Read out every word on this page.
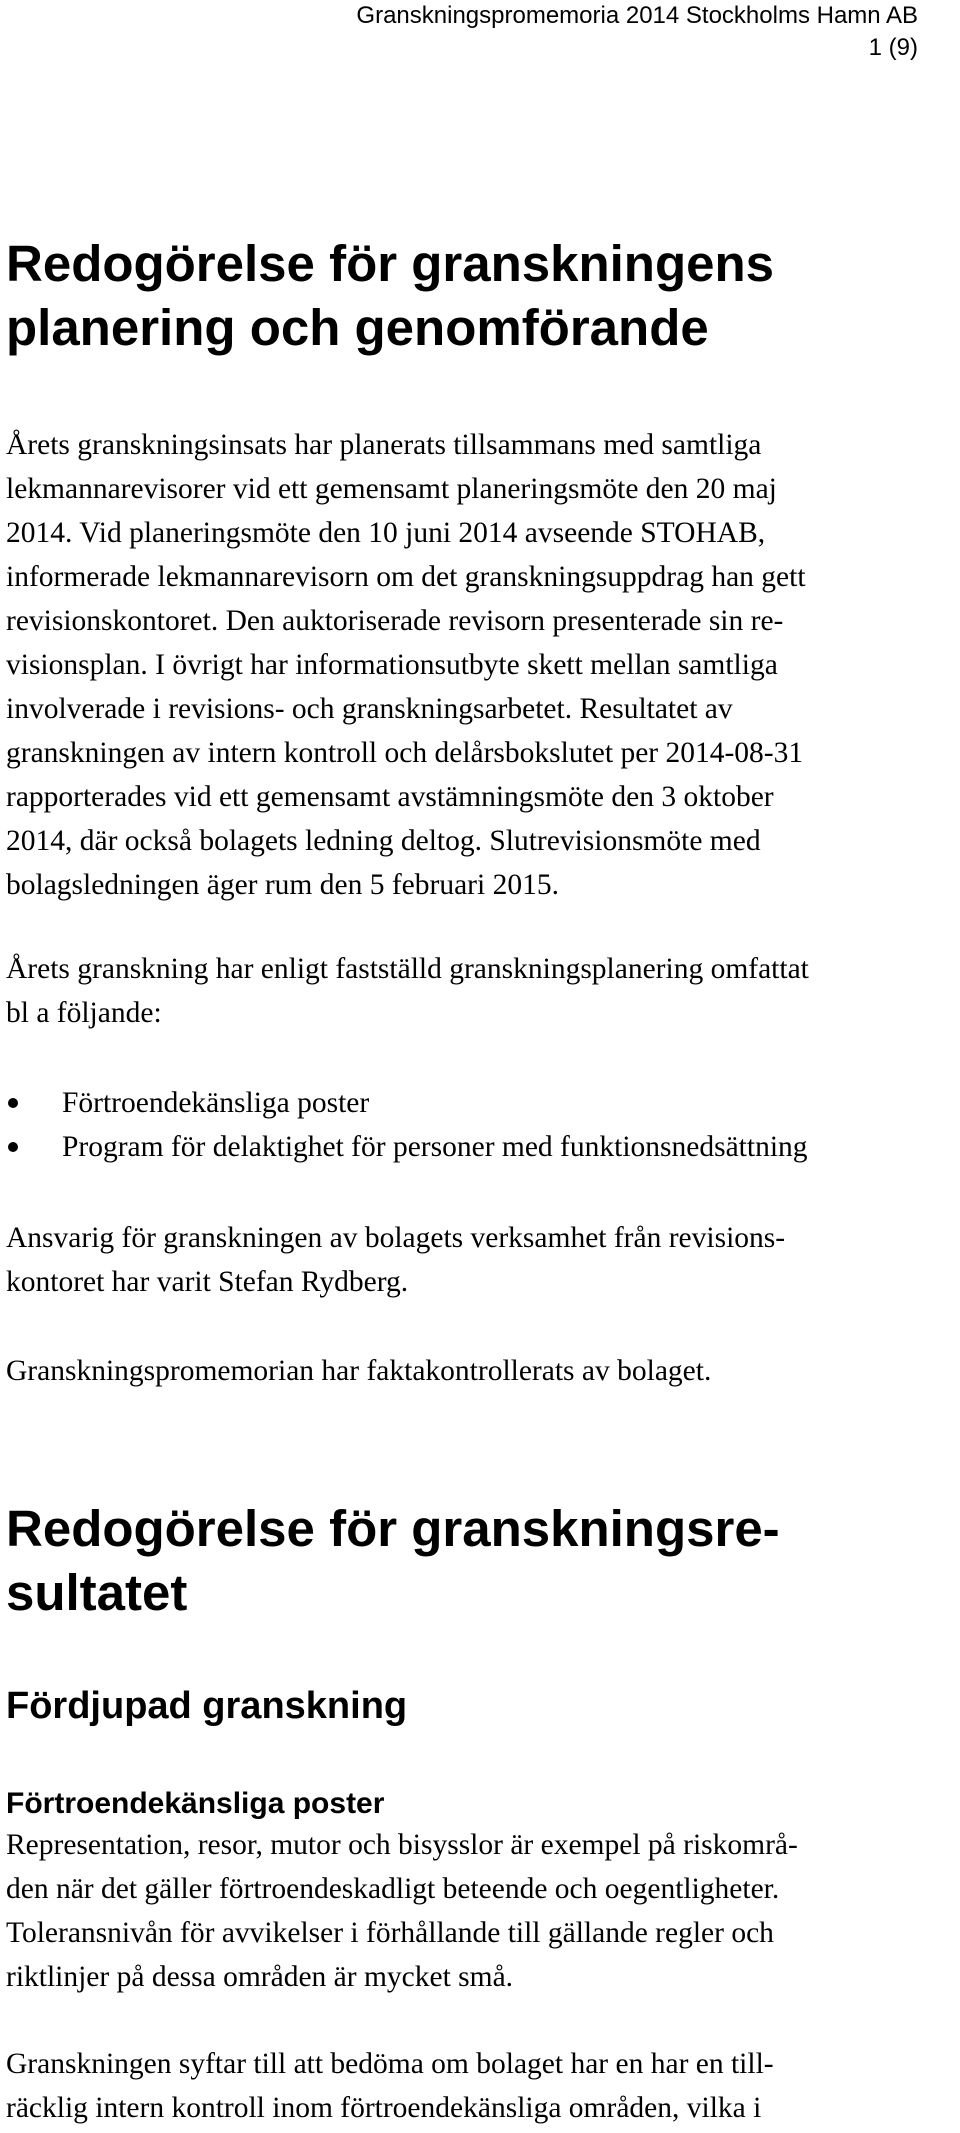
Granskningspromemoria 2014 Stockholms Hamn AB
1 (9)
Redogörelse för granskningens
planering och genomförande

Årets granskningsinsats har planerats tillsammans med samtliga
lekmannarevisorer vid ett gemensamt planeringsmöte den 20 maj
2014. Vid planeringsmöte den 10 juni 2014 avseende STOHAB,
informerade lekmannarevisorn om det granskningsuppdrag han gett
revisionskontoret. Den auktoriserade revisorn presenterade sin re-
visionsplan. I övrigt har informationsutbyte skett mellan samtliga
involverade i revisions- och granskningsarbetet. Resultatet av
granskningen av intern kontroll och delårsbokslutet per 2014-08-31
rapporterades vid ett gemensamt avstämningsmöte den 3 oktober
2014, där också bolagets ledning deltog. Slutrevisionsmöte med
bolagsledningen äger rum den 5 februari 2015.

Årets granskning har enligt fastställd granskningsplanering omfattat
bl a följande:

Förtroendekänsliga poster
Program för delaktighet för personer med funktionsnedsättning

Ansvarig för granskningen av bolagets verksamhet från revisions-
kontoret har varit Stefan Rydberg.

Granskningspromemorian har faktakontrollerats av bolaget.

Redogörelse för granskningsre-
sultatet
Fördjupad granskning
Förtroendekänsliga poster

Representation, resor, mutor och bisysslor är exempel på riskområ-
den när det gäller förtroendeskadligt beteende och oegentligheter.
Toleransnivån för avvikelser i förhållande till gällande regler och
riktlinjer på dessa områden är mycket små.

Granskningen syftar till att bedöma om bolaget har en har en till-
räcklig intern kontroll inom förtroendekänsliga områden, vilka i
